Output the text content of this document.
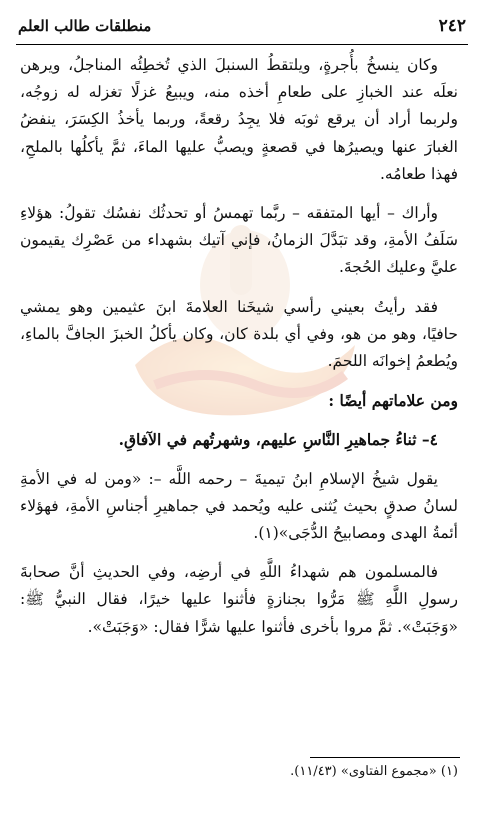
٢٤٢
منطلقات طالب العلم

وكان ينسخُ بأُجرةٍ، ويلتقطُ السنبلَ الذي تُخطِئُه المناجلُ، ويرهن نعلَه عند الخبازِ على طعامِ أخذه منه، ويبيعُ غزلًا تغزله له زوجُه، ولربما أراد أن يرقع ثوبَه فلا يجِدُ رقعةً، وربما يأخذُ الكِسَرَ، ينفضُ الغبارَ عنها ويصيرُها في قصعةٍ ويصبُّ عليها الماءَ، ثمَّ يأكلُها بالملحِ، فهذا طعامُه.

وأراك – أيها المتفقه – ربَّما تهمسُ أو تحدثُك نفسُك تقولُ: هؤلاءِ سَلَفُ الأمةِ، وقد تبَدَّلَ الزمانُ، فإني آتيك بشهداء من عَصْرِك يقيمون عليَّ وعليك الحُجةَ.

فقد رأيتُ بعيني رأسي شيخَنا العلامةَ ابنَ عثيمين وهو يمشي حافيًا، وهو من هو، وفي أي بلدة كان، وكان يأكلُ الخبزَ الجافَّ بالماءِ، ويُطعمُ إخوانَه اللحمَ.

ومن علاماتهم أيضًا :

٤– ثناءُ جماهيرِ النَّاسِ عليهم، وشهرتُهم في الآفاقِ.

يقول شيخُ الإسلامِ ابنُ تيميةَ – رحمه اللَّه –: «ومن له في الأمةِ لسانُ صدقٍ بحيث يُثنى عليه ويُحمد في جماهيرِ أجناسِ الأمةِ، فهؤلاء أئمةُ الهدى ومصابيحُ الدُّجَى»(١).

فالمسلمون هم شهداءُ اللَّهِ في أرضِه، وفي الحديثِ أنَّ صحابةَ رسولِ اللَّهِ ﷺ مَرُّوا بجنازةٍ فأثنوا عليها خيرًا، فقال النبيُّ ﷺ: «وَجَبَتْ». ثمَّ مروا بأخرى فأثنوا عليها شرًّا فقال: «وَجَبَتْ».

(١) «مجموع الفتاوى» (١١/٤٣).
